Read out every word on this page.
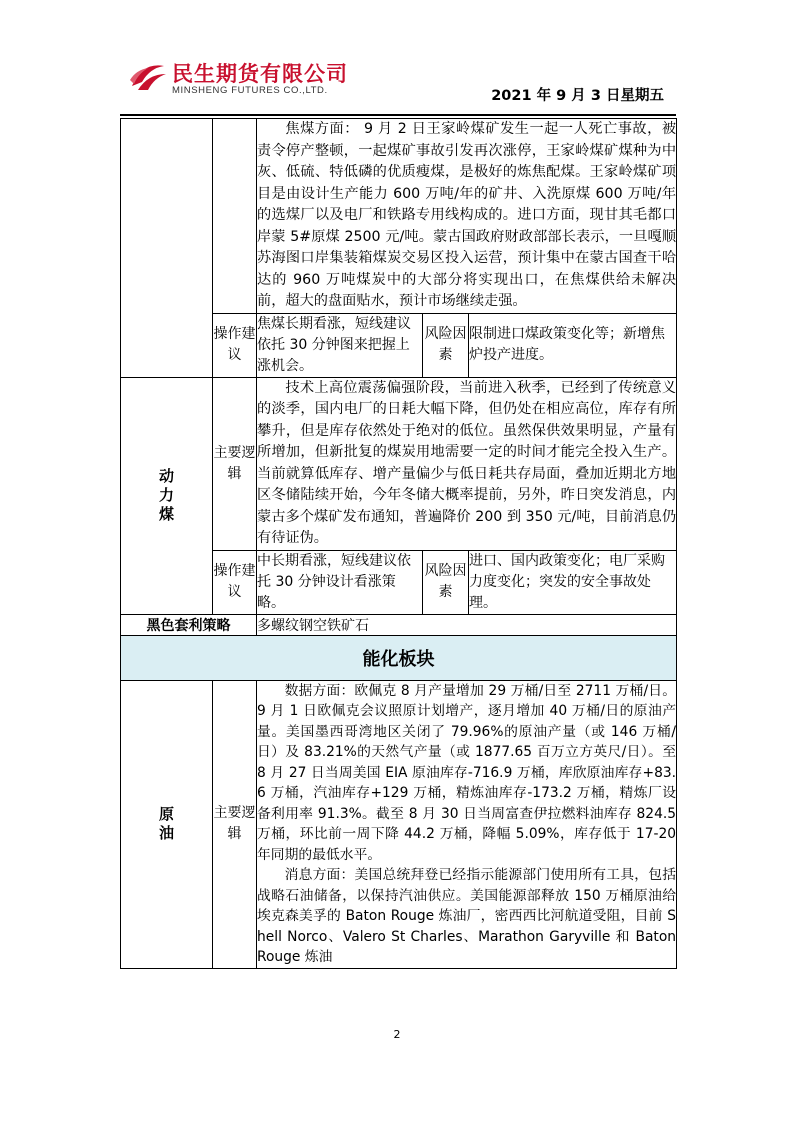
民生期货有限公司
MINSHENG FUTURES CO.,LTD.	2021 年 9 月 3 日星期五

		焦煤方面： 9 月 2 日王家岭煤矿发生一起一人死亡事故，被责令停产整顿，一起煤矿事故引发再次涨停，王家岭煤矿煤种为中灰、低硫、特低磷的优质瘦煤，是极好的炼焦配煤。王家岭煤矿项目是由设计生产能力 600 万吨/年的矿井、入洗原煤 600 万吨/年的选煤厂以及电厂和铁路专用线构成的。进口方面，现甘其毛都口岸蒙 5#原煤 2500 元/吨。蒙古国政府财政部部长表示，一旦嘎顺苏海图口岸集装箱煤炭交易区投入运营，预计集中在蒙古国查干哈达的 960 万吨煤炭中的大部分将实现出口，在焦煤供给未解决前，超大的盘面贴水，预计市场继续走强。		

	操作建议	焦煤长期看涨，短线建议依托 30 分钟图来把握上涨机会。	风险因素	限制进口煤政策变化等；新增焦炉投产进度。
动力煤	主要逻辑	技术上高位震荡偏强阶段，当前进入秋季，已经到了传统意义的淡季，国内电厂的日耗大幅下降，但仍处在相应高位，库存有所攀升，但是库存依然处于绝对的低位。虽然保供效果明显，产量有所增加，但新批复的煤炭用地需要一定的时间才能完全投入生产。当前就算低库存、增产量偏少与低日耗共存局面，叠加近期北方地区冬储陆续开始，今年冬储大概率提前，另外，昨日突发消息，内蒙古多个煤矿发布通知，普遍降价 200 到 350 元/吨，目前消息仍有待证伪。		

	操作建议	中长期看涨，短线建议依托 30 分钟设计看涨策略。	风险因素	进口、国内政策变化；电厂采购力度变化；突发的安全事故处理。
黑色套利策略		多螺纹钢空铁矿石		
能化板块				
原油	主要逻辑	数据方面：欧佩克 8 月产量增加 29 万桶/日至 2711 万桶/日。9 月 1 日欧佩克会议照原计划增产，逐月增加 40 万桶/日的原油产量。美国墨西哥湾地区关闭了 79.96%的原油产量（或 146 万桶/日）及 83.21%的天然气产量（或 1877.65 百万立方英尺/日）。至 8 月 27 日当周美国 EIA 原油库存-716.9 万桶，库欣原油库存+83.6 万桶，汽油库存+129 万桶，精炼油库存-173.2 万桶，精炼厂设备利用率 91.3%。截至 8 月 30 日当周富查伊拉燃料油库存 824.5 万桶，环比前一周下降 44.2 万桶，降幅 5.09%，库存低于 17-20 年同期的最低水平。

消息方面：美国总统拜登已经指示能源部门使用所有工具，包括战略石油储备，以保持汽油供应。美国能源部释放 150 万桶原油给埃克森美孚的 Baton Rouge 炼油厂，密西西比河航道受阻，目前 Shell Norco、Valero St Charles、Marathon Garyville 和 Baton Rouge 炼油		

2
